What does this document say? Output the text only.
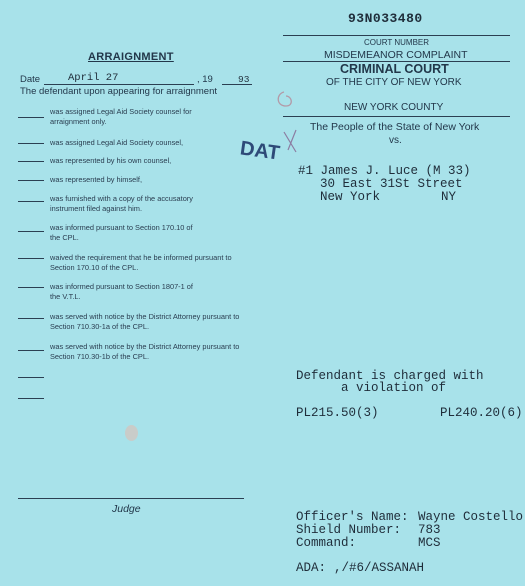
ARRAIGNMENT
Date	April 27	, 19	93
The defendant upon appearing for arraignment
was assigned Legal Aid Society counsel for arraignment only.
was assigned Legal Aid Society counsel,
was represented by his own counsel,
was represented by himself,
was furnished with a copy of the accusatory instrument filed against him.
was informed pursuant to Section 170.10 of the CPL.
waived the requirement that he be informed pursuant to Section 170.10 of the CPL.
was informed pursuant to Section 1807-1 of the V.T.L.
was served with notice by the District Attorney pursuant to Section 710.30-1a of the CPL.
was served with notice by the District Attorney pursuant to Section 710.30-1b of the CPL.
Judge
93N033480
COURT NUMBER
MISDEMEANOR COMPLAINT
CRIMINAL COURT
OF THE CITY OF NEW YORK
NEW YORK COUNTY
The People of the State of New York
vs.
DAT
#1 James J. Luce (M 33)
30 East 31St Street
New York	NY
Defendant is charged with
a violation of
PL215.50(3)	PL240.20(6)
Officer's Name: Wayne Costello
Shield Number: 783
Command:	MCS
ADA: ,/#6/ASSANAH
